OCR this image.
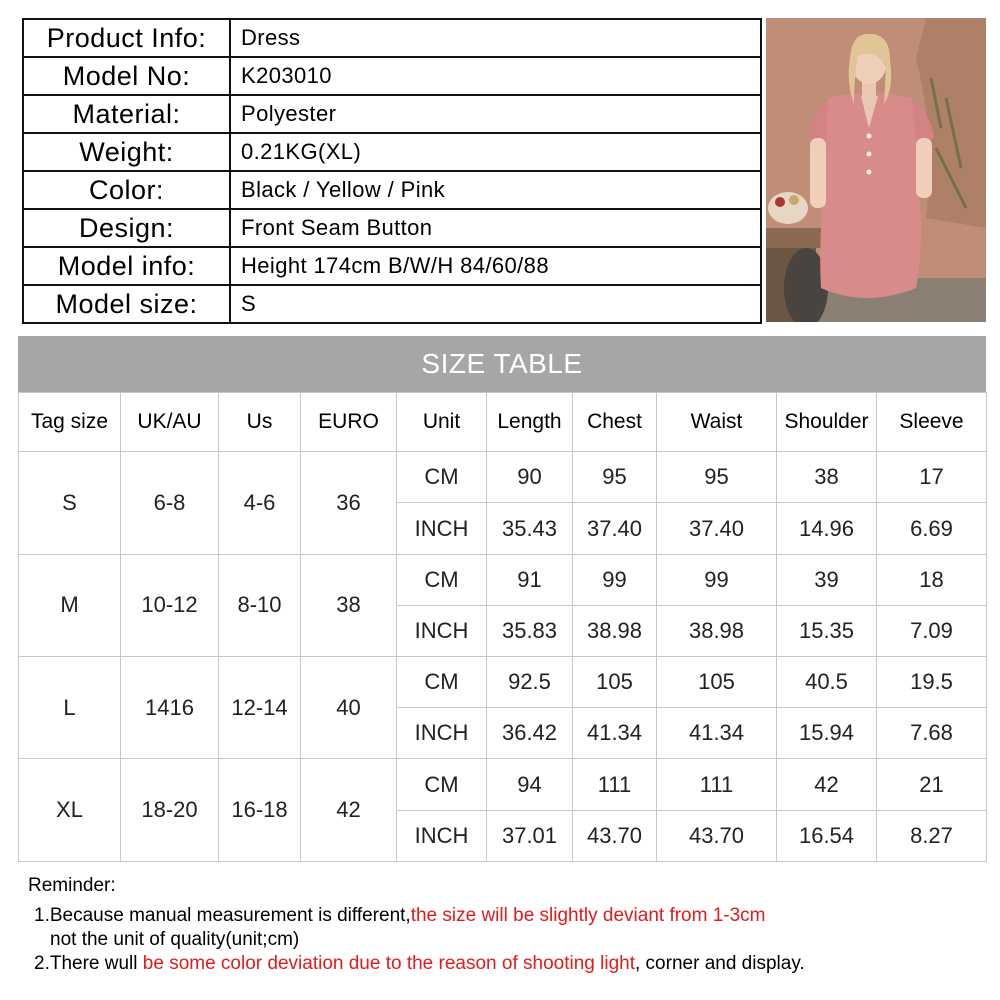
Product Info:	Dress
Model No:	K203010
Material:	Polyester
Weight:	0.21KG(XL)
Color:	Black / Yellow / Pink
Design:	Front Seam Button
Model info:	Height 174cm B/W/H 84/60/88
Model size:	S
SIZE TABLE
Tag size	UK/AU	Us	EURO	Unit	Length	Chest	Waist	Shoulder	Sleeve
S	6-8	4-6	36	CM	90	95	95	38	17
				INCH	35.43	37.40	37.40	14.96	6.69
M	10-12	8-10	38	CM	91	99	99	39	18
				INCH	35.83	38.98	38.98	15.35	7.09
L	1416	12-14	40	CM	92.5	105	105	40.5	19.5
				INCH	36.42	41.34	41.34	15.94	7.68
XL	18-20	16-18	42	CM	94	111	111	42	21
				INCH	37.01	43.70	43.70	16.54	8.27
Reminder:
1.Because manual measurement is different,the size will be slightly deviant from 1-3cm
not the unit of quality(unit;cm)
2.There wull be some color deviation due to the reason of shooting light, corner and display.
